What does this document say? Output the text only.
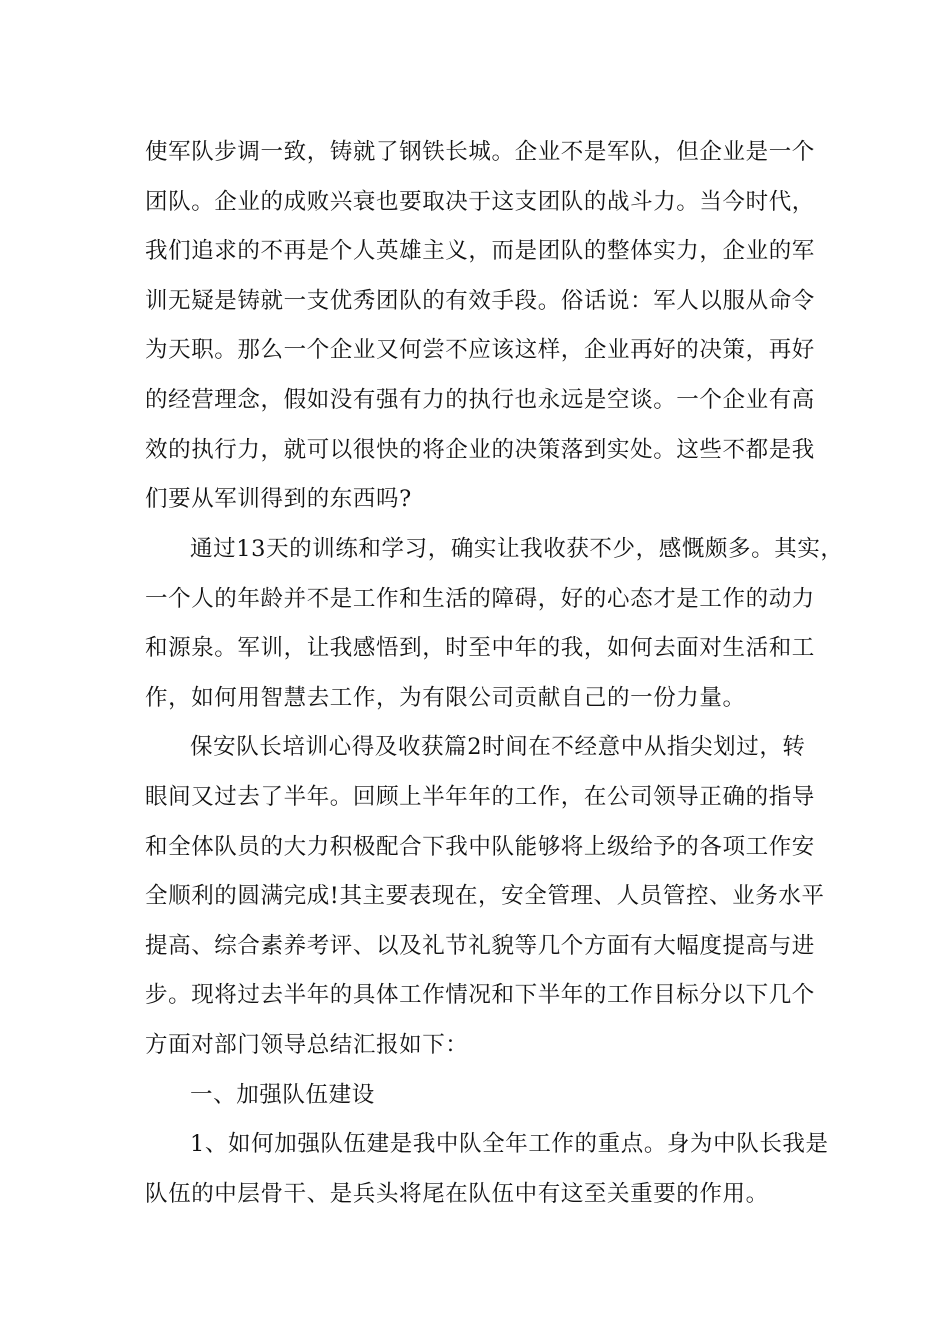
使军队步调一致，铸就了钢铁长城。企业不是军队，但企业是一个
团队。企业的成败兴衰也要取决于这支团队的战斗力。当今时代，
我们追求的不再是个人英雄主义，而是团队的整体实力，企业的军
训无疑是铸就一支优秀团队的有效手段。俗话说：军人以服从命令
为天职。那么一个企业又何尝不应该这样，企业再好的决策，再好
的经营理念，假如没有强有力的执行也永远是空谈。一个企业有高
效的执行力，就可以很快的将企业的决策落到实处。这些不都是我
们要从军训得到的东西吗?
通过13天的训练和学习，确实让我收获不少，感慨颇多。其实，
一个人的年龄并不是工作和生活的障碍，好的心态才是工作的动力
和源泉。军训，让我感悟到，时至中年的我，如何去面对生活和工
作，如何用智慧去工作，为有限公司贡献自己的一份力量。
保安队长培训心得及收获篇2时间在不经意中从指尖划过，转
眼间又过去了半年。回顾上半年年的工作，在公司领导正确的指导
和全体队员的大力积极配合下我中队能够将上级给予的各项工作安
全顺利的圆满完成!其主要表现在，安全管理、人员管控、业务水平
提高、综合素养考评、以及礼节礼貌等几个方面有大幅度提高与进
步。现将过去半年的具体工作情况和下半年的工作目标分以下几个
方面对部门领导总结汇报如下：
一、加强队伍建设
1、如何加强队伍建是我中队全年工作的重点。身为中队长我是
队伍的中层骨干、是兵头将尾在队伍中有这至关重要的作用。
